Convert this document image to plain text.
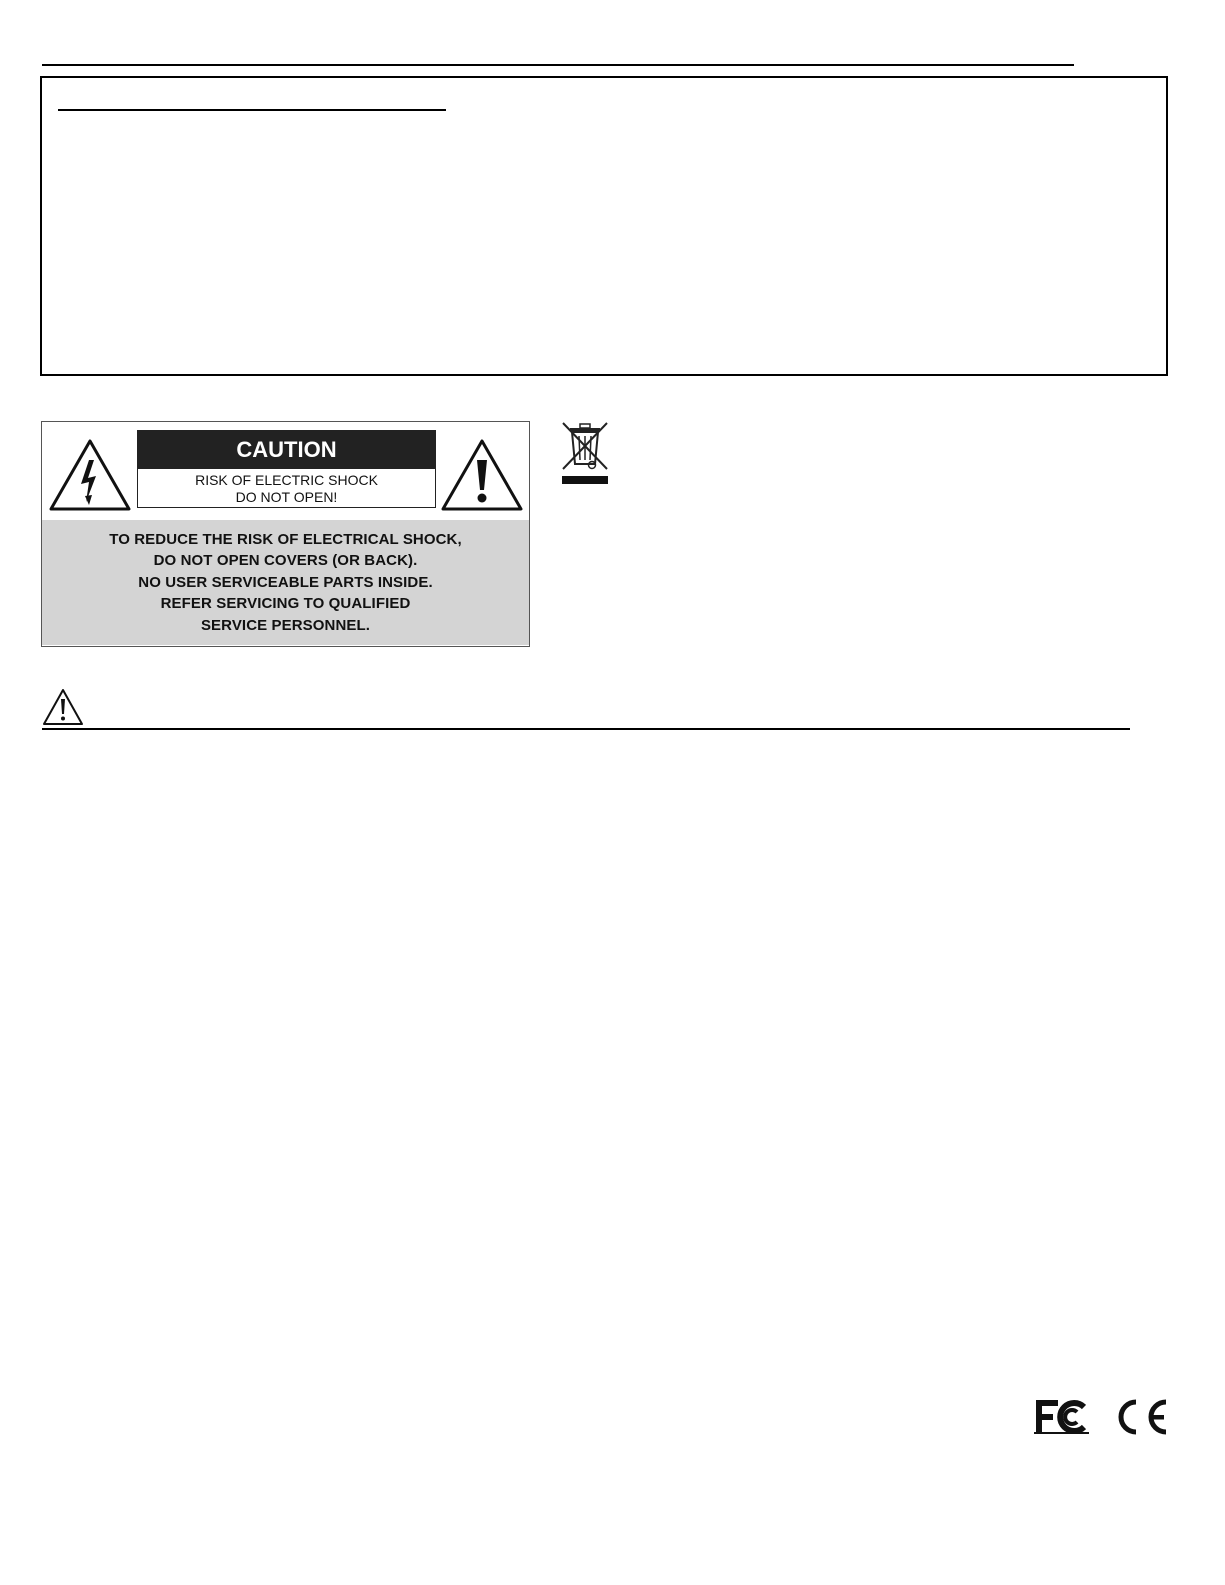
CAUTION
RISK OF ELECTRIC SHOCK
DO NOT OPEN!
TO REDUCE THE RISK OF ELECTRICAL SHOCK,
DO NOT OPEN COVERS (OR BACK).
NO USER SERVICEABLE PARTS INSIDE.
REFER SERVICING TO QUALIFIED
SERVICE PERSONNEL.
